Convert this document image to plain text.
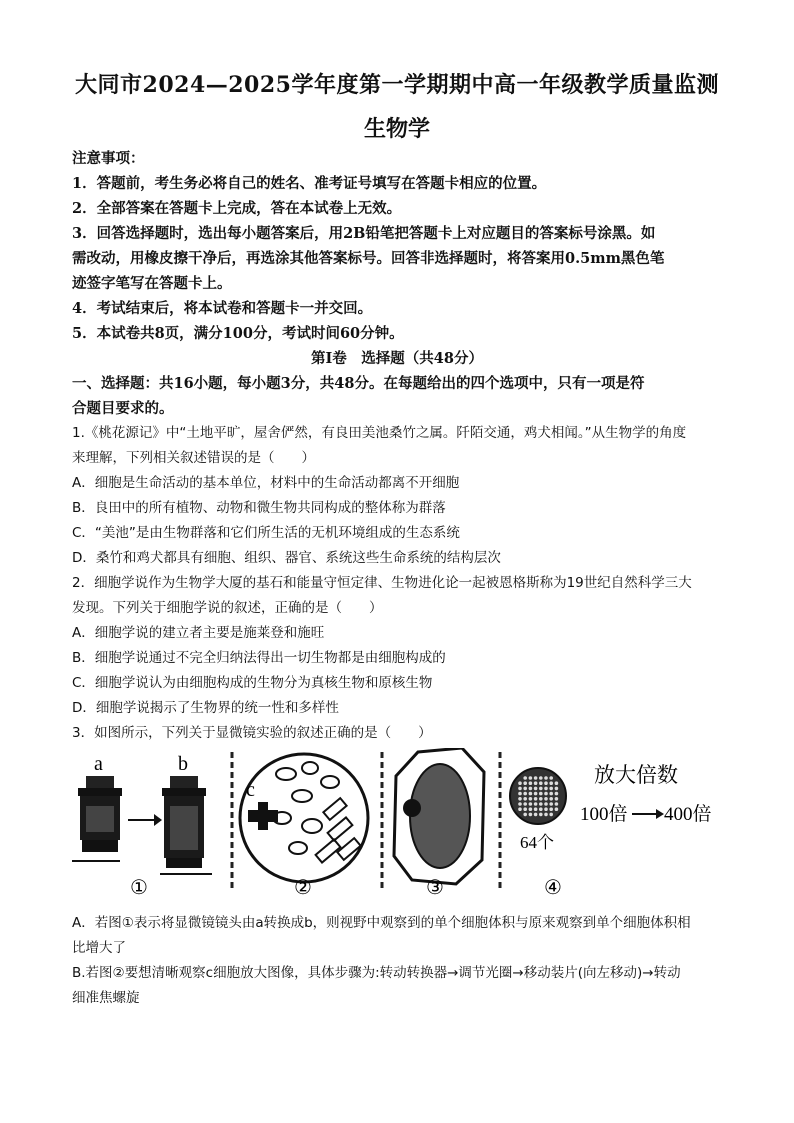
大同市2024—2025学年度第一学期期中高一年级教学质量监测
生物学
注意事项：
1．答题前，考生务必将自己的姓名、准考证号填写在答题卡相应的位置。
2．全部答案在答题卡上完成，答在本试卷上无效。
3．回答选择题时，选出每小题答案后，用2B铅笔把答题卡上对应题目的答案标号涂黑。如
需改动，用橡皮擦干净后，再选涂其他答案标号。回答非选择题时，将答案用0.5mm黑色笔
迹签字笔写在答题卡上。
4．考试结束后，将本试卷和答题卡一并交回。
5．本试卷共8页，满分100分，考试时间60分钟。
第Ⅰ卷　选择题（共48分）
一、选择题：共16小题，每小题3分，共48分。在每题给出的四个选项中，只有一项是符
合题目要求的。
1.《桃花源记》中“土地平旷，屋舍俨然，有良田美池桑竹之属。阡陌交通，鸡犬相闻。”从生物学的角度
来理解，下列相关叙述错误的是（　　）
A．细胞是生命活动的基本单位，材料中的生命活动都离不开细胞
B．良田中的所有植物、动物和微生物共同构成的整体称为群落
C．“美池”是由生物群落和它们所生活的无机环境组成的生态系统
D．桑竹和鸡犬都具有细胞、组织、器官、系统这些生命系统的结构层次
2．细胞学说作为生物学大厦的基石和能量守恒定律、生物进化论一起被恩格斯称为19世纪自然科学三大
发现。下列关于细胞学说的叙述，正确的是（　　）
A．细胞学说的建立者主要是施莱登和施旺
B．细胞学说通过不完全归纳法得出一切生物都是由细胞构成的
C．细胞学说认为由细胞构成的生物分为真核生物和原核生物
D．细胞学说揭示了生物界的统一性和多样性
3．如图所示，下列关于显微镜实验的叙述正确的是（　　）
a	b
①
c
②	③
64个
放大倍数
100倍 400倍
④
A．若图①表示将显微镜镜头由a转换成b，则视野中观察到的单个细胞体积与原来观察到单个细胞体积相
比增大了
B.若图②要想清晰观察c细胞放大图像，具体步骤为:转动转换器→调节光圈→移动装片(向左移动)→转动
细准焦螺旋
